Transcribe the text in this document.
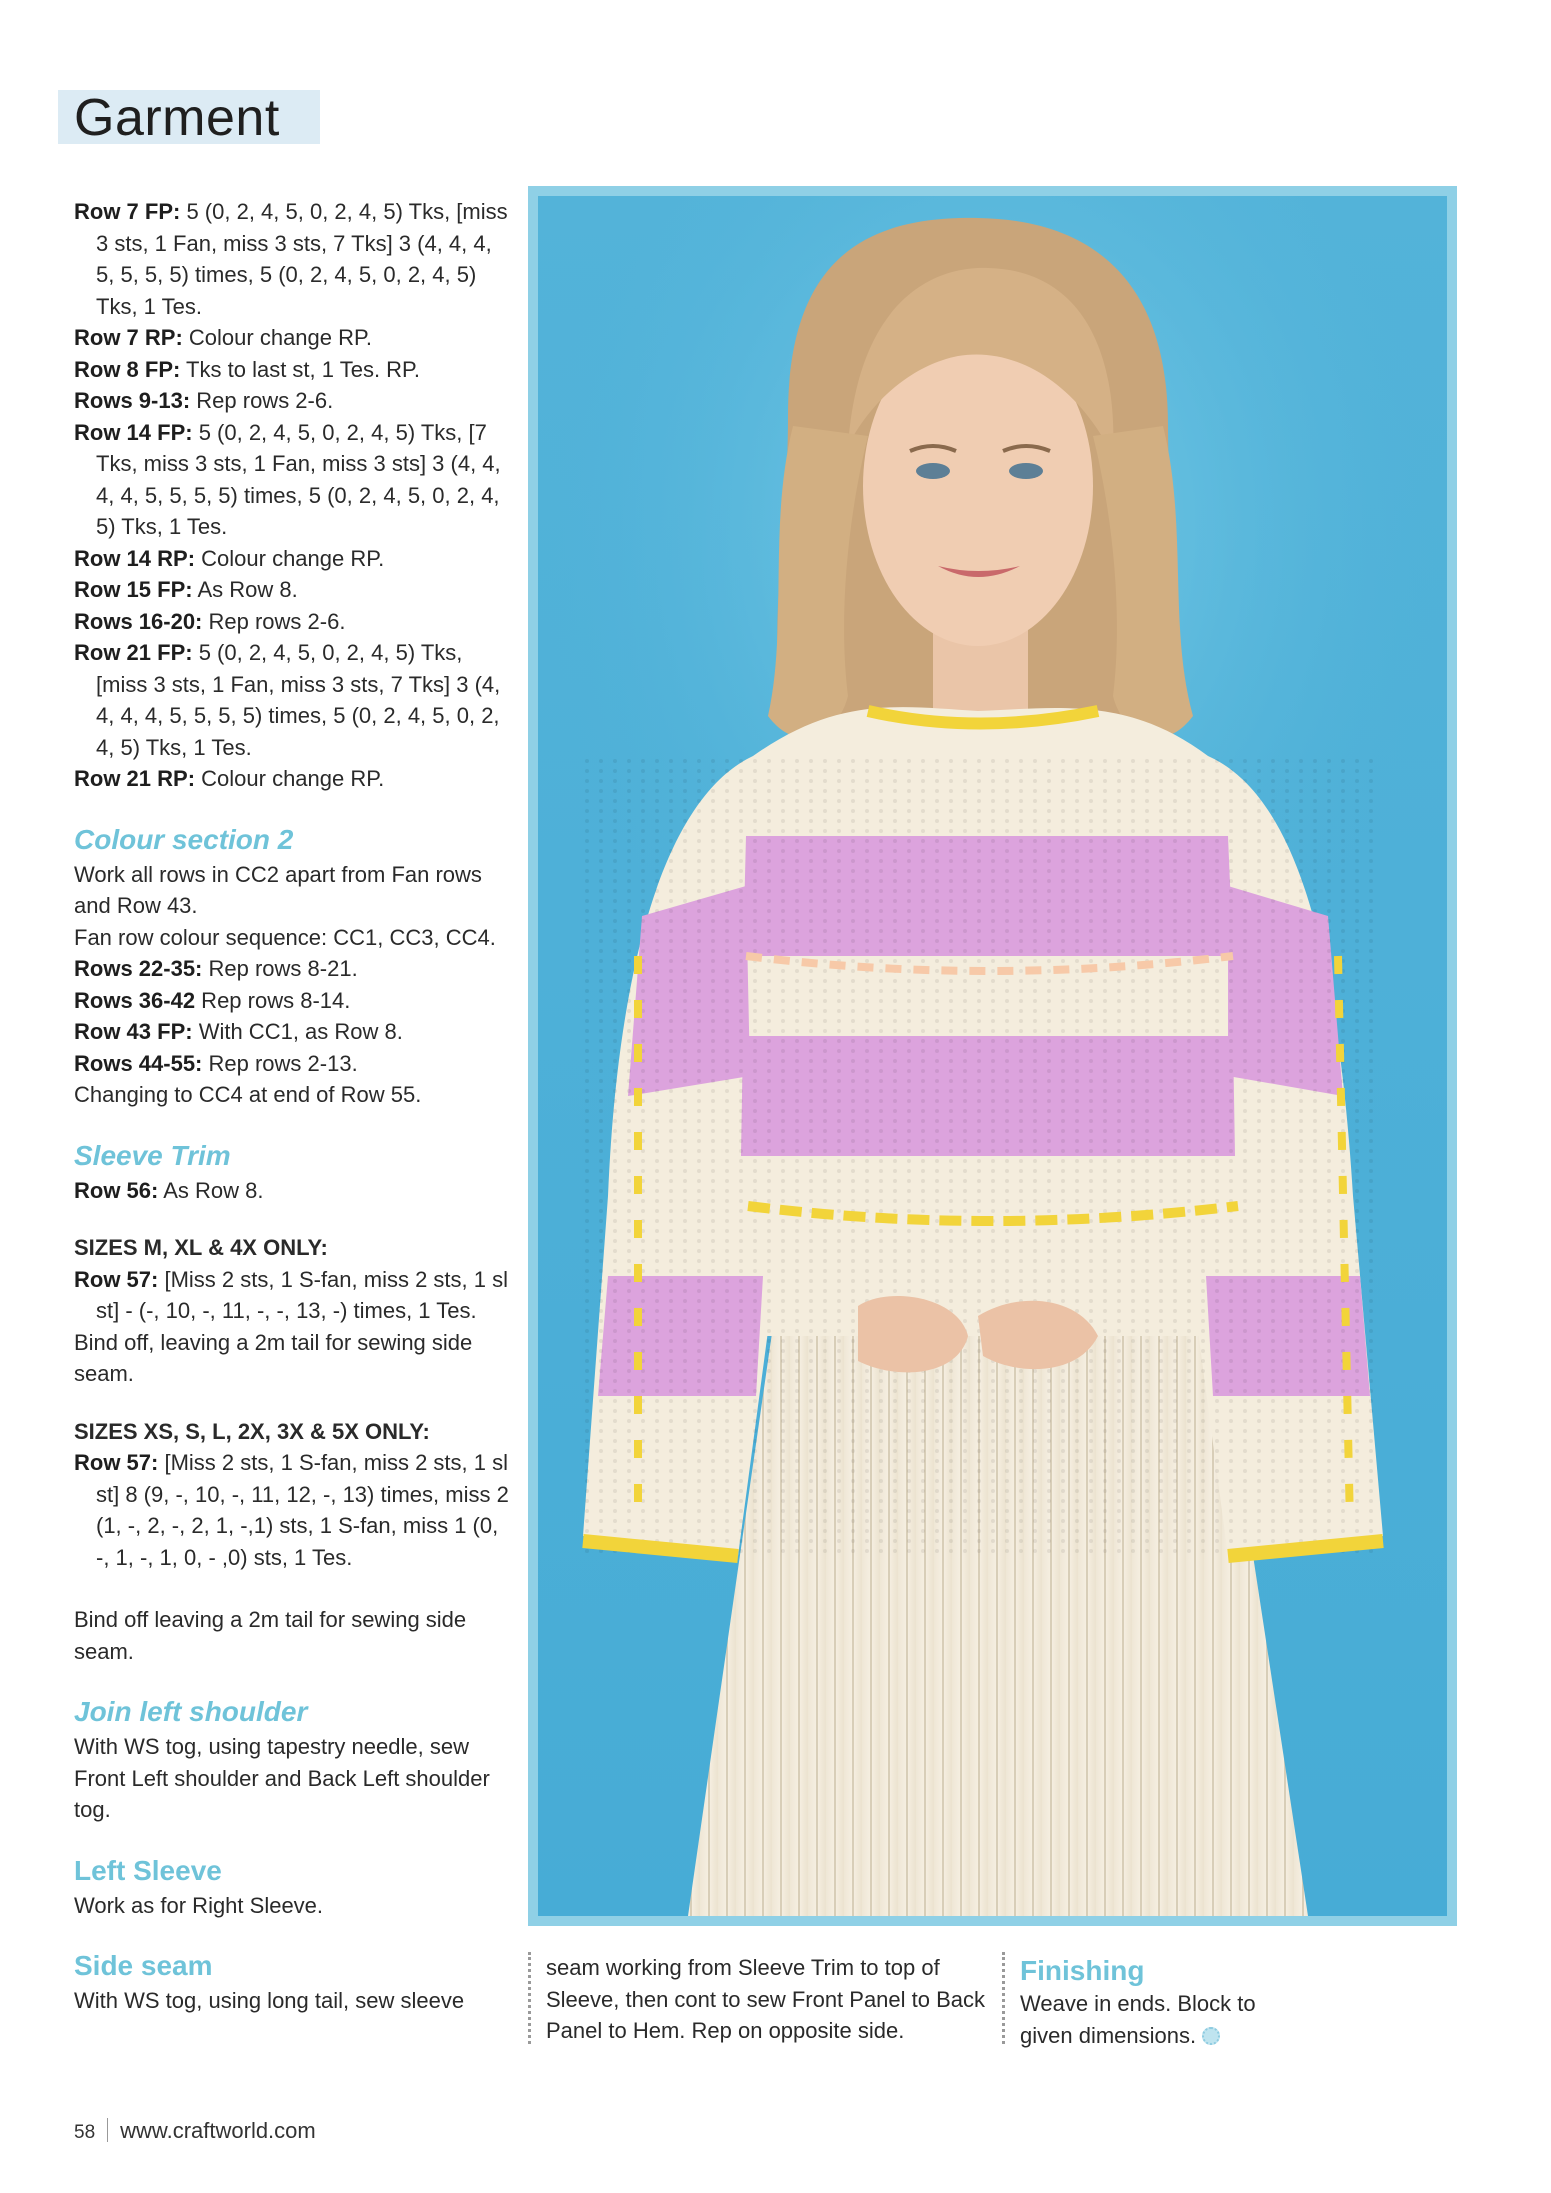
Garment

Row 7 FP: 5 (0, 2, 4, 5, 0, 2, 4, 5) Tks, [miss 3 sts, 1 Fan, miss 3 sts, 7 Tks] 3 (4, 4, 4, 5, 5, 5, 5) times, 5 (0, 2, 4, 5, 0, 2, 4, 5) Tks, 1 Tes.

Row 7 RP: Colour change RP.

Row 8 FP: Tks to last st, 1 Tes. RP.

Rows 9-13: Rep rows 2-6.

Row 14 FP: 5 (0, 2, 4, 5, 0, 2, 4, 5) Tks, [7 Tks, miss 3 sts, 1 Fan, miss 3 sts] 3 (4, 4, 4, 4, 5, 5, 5, 5) times, 5 (0, 2, 4, 5, 0, 2, 4, 5) Tks, 1 Tes.

Row 14 RP: Colour change RP.

Row 15 FP: As Row 8.

Rows 16-20: Rep rows 2-6.

Row 21 FP: 5 (0, 2, 4, 5, 0, 2, 4, 5) Tks, [miss 3 sts, 1 Fan, miss 3 sts, 7 Tks] 3 (4, 4, 4, 4, 5, 5, 5, 5) times, 5 (0, 2, 4, 5, 0, 2, 4, 5) Tks, 1 Tes.

Row 21 RP: Colour change RP.

Colour section 2

Work all rows in CC2 apart from Fan rows and Row 43.

Fan row colour sequence: CC1, CC3, CC4.

Rows 22-35: Rep rows 8-21.

Rows 36-42 Rep rows 8-14.

Row 43 FP: With CC1, as Row 8.

Rows 44-55: Rep rows 2-13.

Changing to CC4 at end of Row 55.

Sleeve Trim

Row 56: As Row 8.

SIZES M, XL & 4X ONLY:

Row 57: [Miss 2 sts, 1 S-fan, miss 2 sts, 1 sl st] - (-, 10, -, 11, -, -, 13, -) times, 1 Tes.

Bind off, leaving a 2m tail for sewing side seam.

SIZES XS, S, L, 2X, 3X & 5X ONLY:

Row 57: [Miss 2 sts, 1 S-fan, miss 2 sts, 1 sl st] 8 (9, -, 10, -, 11, 12, -, 13) times, miss 2 (1, -, 2, -, 2, 1, -,1) sts, 1 S-fan, miss 1 (0, -, 1, -, 1, 0, - ,0) sts, 1 Tes.

Bind off leaving a 2m tail for sewing side seam.

Join left shoulder

With WS tog, using tapestry needle, sew Front Left shoulder and Back Left shoulder tog.

Left Sleeve

Work as for Right Sleeve.

Side seam

With WS tog, using long tail, sew sleeve

seam working from Sleeve Trim to top of Sleeve, then cont to sew Front Panel to Back Panel to Hem. Rep on opposite side.

Finishing

Weave in ends. Block to given dimensions.
58 www.craftworld.com
